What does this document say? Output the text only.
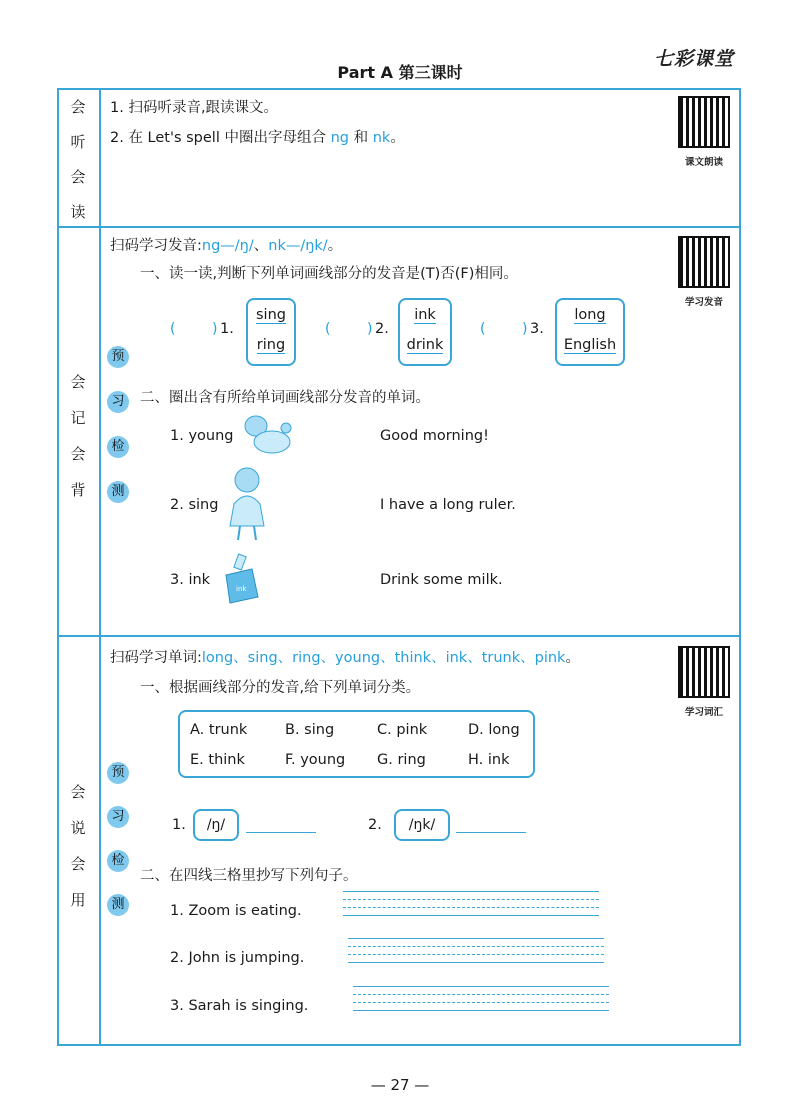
Part A 第三课时
七彩课堂
会
听
会
读
1. 扫码听录音,跟读课文。
2. 在 Let's spell 中圈出字母组合 ng 和 nk。
课文朗读
会
记
会
背
预
习
检
测
扫码学习发音:ng—/ŋ/、nk—/ŋk/。
学习发音
一、读一读,判断下列单词画线部分的发音是(T)否(F)相同。
(	) 1.
sing
ring
(	) 2.
ink
drink
(	) 3.
long
English
二、圈出含有所给单词画线部分发音的单词。
1. young	Good morning!
2. sing	I have a long ruler.
3. ink
ink
Drink some milk.
会
说
会
用
预
习
检
测
扫码学习单词:long、sing、ring、young、think、ink、trunk、pink。
学习词汇
一、根据画线部分的发音,给下列单词分类。
A. trunk	B. sing	C. pink	D. long
E. think	F. young G. ring	H. ink
1.	/ŋ/	2.	/ŋk/
二、在四线三格里抄写下列句子。
1. Zoom is eating.
2. John is jumping.
3. Sarah is singing.
— 27 —
